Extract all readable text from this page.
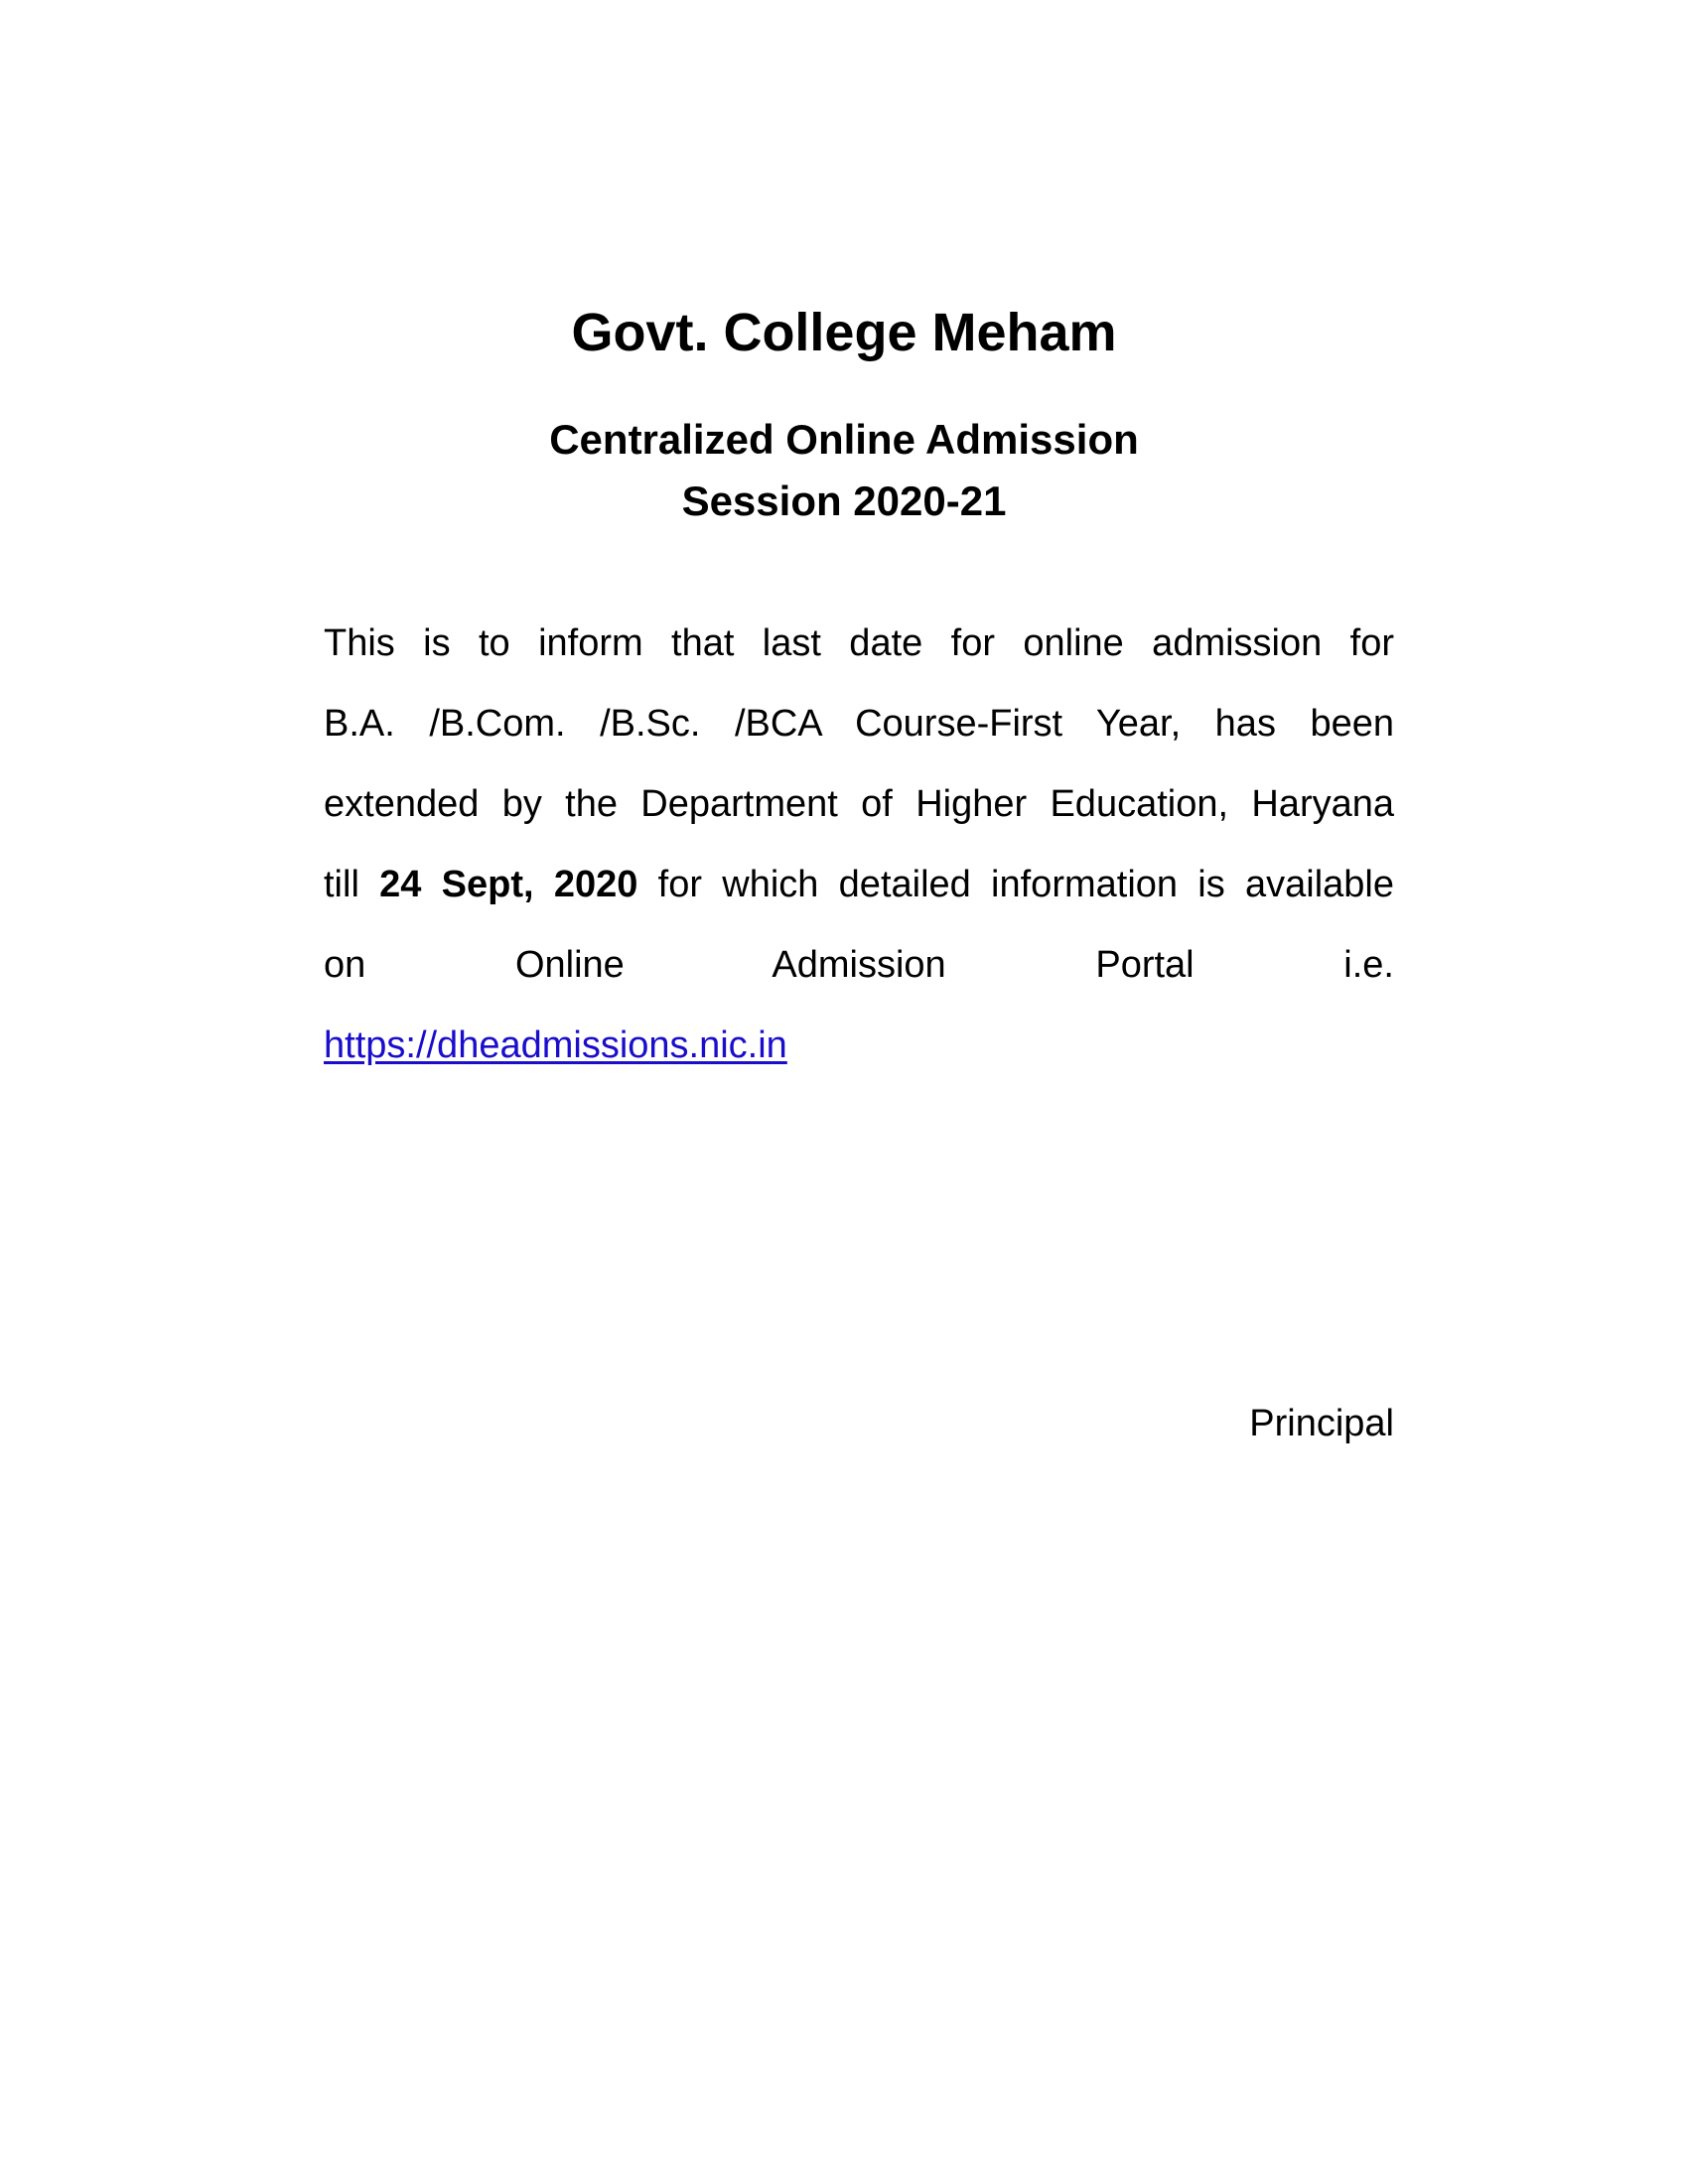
Govt. College Meham
Centralized Online Admission
Session 2020-21

This is to inform that last date for online admission for
B.A. /B.Com. /B.Sc. /BCA Course-First Year, has been
extended by the Department of Higher Education, Haryana
till 24 Sept, 2020 for which detailed information is available
on Online Admission Portal i.e.
https://dheadmissions.nic.in

Principal
